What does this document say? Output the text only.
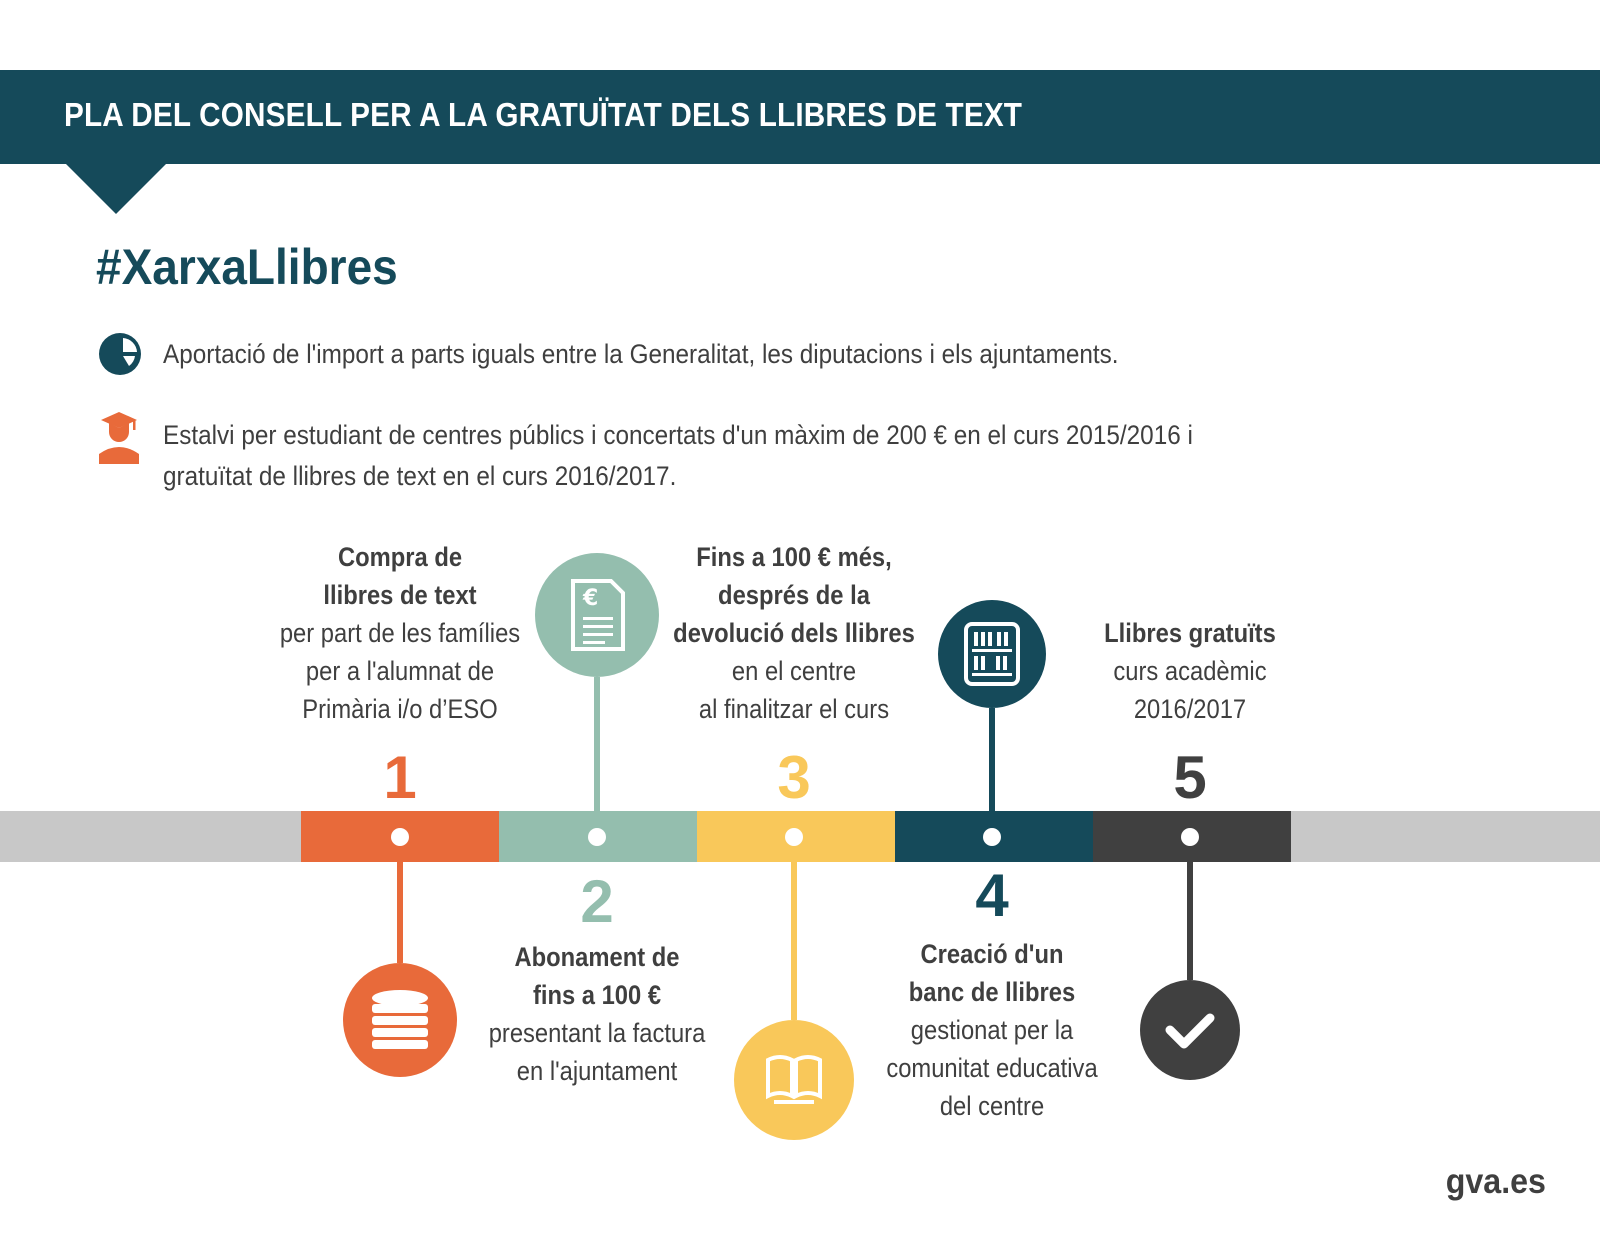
PLA DEL CONSELL PER A LA GRATUÏTAT DELS LLIBRES DE TEXT
#XarxaLlibres
Aportació de l'import a parts iguals entre la Generalitat, les diputacions i els ajuntaments.
Estalvi per estudiant de centres públics i concertats d'un màxim de 200 € en el curs 2015/2016 i
gratuïtat de llibres de text en el curs 2016/2017.
€
1
2
3
4
5
Compra de
llibres de text
per part de les famílies
per a l'alumnat de
Primària i/o d’ESO
Abonament de
fins a 100 €
presentant la factura
en l'ajuntament
Fins a 100 € més,
després de la
devolució dels llibres
en el centre
al finalitzar el curs
Creació d'un
banc de llibres
gestionat per la
comunitat educativa
del centre
Llibres gratuïts
curs acadèmic
2016/2017
gva.es
